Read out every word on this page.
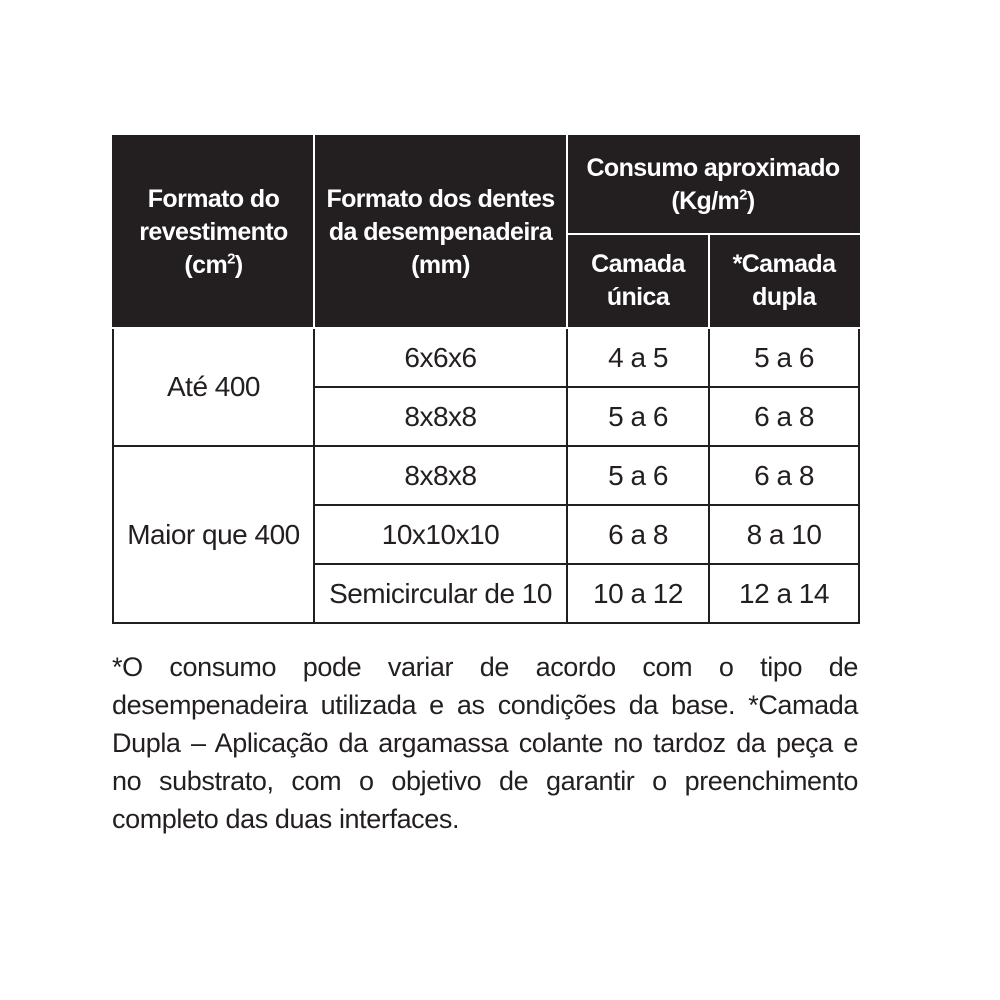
Formato do revestimento $(cm^2)$	Formato dos dentes da desempenadeira (mm)	Consumo aproximado $(Kg/m^2)$	
		Camada única	*Camada dupla
Até 400	6x6x6	4 a 5	5 a 6
	8x8x8	5 a 6	6 a 8
Maior que 400	8x8x8	5 a 6	6 a 8
	10x10x10	6 a 8	8 a 10
	Semicircular de 10	10 a 12	12 a 14

*O consumo pode variar de acordo com o tipo de desempenadeira utilizada e as condições da base. *Camada Dupla – Aplicação da argamassa colante no tardoz da peça e no substrato, com o objetivo de garantir o preenchimento completo das duas interfaces.
